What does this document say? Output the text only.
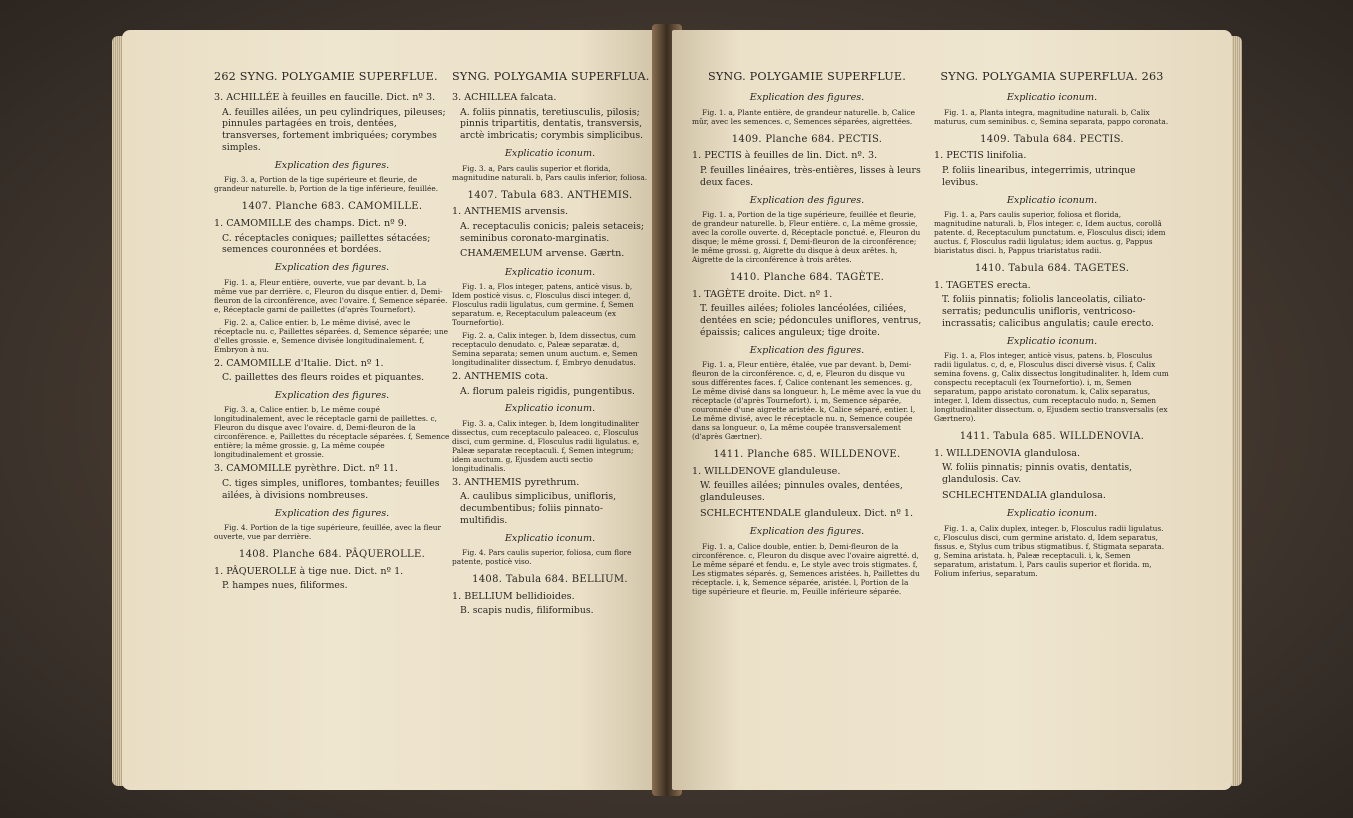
262 SYNG. POLYGAMIE SUPERFLUE.
3. ACHILLÉE à feuilles en faucille. Dict. nº 3.
A. feuilles ailées, un peu cylindriques, pileuses; pinnules partagées en trois, dentées, transverses, fortement imbriquées; corymbes simples.
Explication des figures.
Fig. 3. a, Portion de la tige supérieure et fleurie, de grandeur naturelle. b, Portion de la tige inférieure, feuillée.
1407. Planche 683. CAMOMILLE.
1. CAMOMILLE des champs. Dict. nº 9.
C. réceptacles coniques; paillettes sétacées; semences couronnées et bordées.
Explication des figures.
Fig. 1. a, Fleur entière, ouverte, vue par devant. b, La même vue par derrière. c, Fleuron du disque entier. d, Demi-fleuron de la circonférence, avec l'ovaire. f, Semence séparée. e, Réceptacle garni de paillettes (d'après Tournefort).
Fig. 2. a, Calice entier. b, Le même divisé, avec le réceptacle nu. c, Paillettes séparées. d, Semence séparée; une d'elles grossie. e, Semence divisée longitudinalement. f, Embryon à nu.
2. CAMOMILLE d'Italie. Dict. nº 1.
C. paillettes des fleurs roides et piquantes.
Explication des figures.
Fig. 3. a, Calice entier. b, Le même coupé longitudinalement, avec le réceptacle garni de paillettes. c, Fleuron du disque avec l'ovaire. d, Demi-fleuron de la circonférence. e, Paillettes du réceptacle séparées. f, Semence entière; la même grossie. g, La même coupée longitudinalement et grossie.
3. CAMOMILLE pyrèthre. Dict. nº 11.
C. tiges simples, uniflores, tombantes; feuilles ailées, à divisions nombreuses.
Explication des figures.
Fig. 4. Portion de la tige supérieure, feuillée, avec la fleur ouverte, vue par derrière.
1408. Planche 684. PÂQUEROLLE.
1. PÂQUEROLLE à tige nue. Dict. nº 1.
P. hampes nues, filiformes.
SYNG. POLYGAMIA SUPERFLUA.
3. ACHILLEA falcata.
A. foliis pinnatis, teretiusculis, pilosis; pinnis tripartitis, dentatis, transversis, arctè imbricatis; corymbis simplicibus.
Explicatio iconum.
Fig. 3. a, Pars caulis superior et florida, magnitudine naturali. b, Pars caulis inferior, foliosa.
1407. Tabula 683. ANTHEMIS.
1. ANTHEMIS arvensis.
A. receptaculis conicis; paleis setaceis; seminibus coronato-marginatis.
CHAMÆMELUM arvense. Gærtn.
Explicatio iconum.
Fig. 1. a, Flos integer, patens, anticè visus. b, Idem posticè visus. c, Flosculus disci integer. d, Flosculus radii ligulatus, cum germine. f, Semen separatum. e, Receptaculum paleaceum (ex Tournefortio).
Fig. 2. a, Calix integer. b, Idem dissectus, cum receptaculo denudato. c, Paleæ separatæ. d, Semina separata; semen unum auctum. e, Semen longitudinaliter dissectum. f, Embryo denudatus.
2. ANTHEMIS cota.
A. florum paleis rigidis, pungentibus.
Explicatio iconum.
Fig. 3. a, Calix integer. b, Idem longitudinaliter dissectus, cum receptaculo paleaceo. c, Flosculus disci, cum germine. d, Flosculus radii ligulatus. e, Paleæ separatæ receptaculi. f, Semen integrum; idem auctum. g, Ejusdem aucti sectio longitudinalis.
3. ANTHEMIS pyrethrum.
A. caulibus simplicibus, unifloris, decumbentibus; foliis pinnato-multifidis.
Explicatio iconum.
Fig. 4. Pars caulis superior, foliosa, cum flore patente, posticè viso.
1408. Tabula 684. BELLIUM.
1. BELLIUM bellidioides.
B. scapis nudis, filiformibus.
SYNG. POLYGAMIE SUPERFLUE.
Explication des figures.
Fig. 1. a, Plante entière, de grandeur naturelle. b, Calice mûr, avec les semences. c, Semences séparées, aigrettées.
1409. Planche 684. PECTIS.
1. PECTIS à feuilles de lin. Dict. nº. 3.
P. feuilles linéaires, très-entières, lisses à leurs deux faces.
Explication des figures.
Fig. 1. a, Portion de la tige supérieure, feuillée et fleurie, de grandeur naturelle. b, Fleur entière. c, La même grossie, avec la corolle ouverte. d, Réceptacle ponctué. e, Fleuron du disque; le même grossi. f, Demi-fleuron de la circonférence; le même grossi. g, Aigrette du disque à deux arêtes. h, Aigrette de la circonférence à trois arêtes.
1410. Planche 684. TAGÈTE.
1. TAGÈTE droite. Dict. nº 1.
T. feuilles ailées; folioles lancéolées, ciliées, dentées en scie; pédoncules uniflores, ventrus, épaissis; calices anguleux; tige droite.
Explication des figures.
Fig. 1. a, Fleur entière, étalée, vue par devant. b, Demi-fleuron de la circonférence. c, d, e, Fleuron du disque vu sous différentes faces. f, Calice contenant les semences. g, Le même divisé dans sa longueur. h, Le même avec la vue du réceptacle (d'après Tournefort). i, m, Semence séparée, couronnée d'une aigrette aristée. k, Calice séparé, entier. l, Le même divisé, avec le réceptacle nu. n, Semence coupée dans sa longueur. o, La même coupée transversalement (d'après Gærtner).
1411. Planche 685. WILLDENOVE.
1. WILLDENOVE glanduleuse.
W. feuilles ailées; pinnules ovales, dentées, glanduleuses.
SCHLECHTENDALE glanduleux. Dict. nº 1.
Explication des figures.
Fig. 1. a, Calice double, entier. b, Demi-fleuron de la circonférence. c, Fleuron du disque avec l'ovaire aigretté. d, Le même séparé et fendu. e, Le style avec trois stigmates. f, Les stigmates séparés. g, Semences aristées. h, Paillettes du réceptacle. i, k, Semence séparée, aristée. l, Portion de la tige supérieure et fleurie. m, Feuille inférieure séparée.
SYNG. POLYGAMIA SUPERFLUA. 263
Explicatio iconum.
Fig. 1. a, Planta integra, magnitudine naturali. b, Calix maturus, cum seminibus. c, Semina separata, pappo coronata.
1409. Tabula 684. PECTIS.
1. PECTIS linifolia.
P. foliis linearibus, integerrimis, utrinque levibus.
Explicatio iconum.
Fig. 1. a, Pars caulis superior, foliosa et florida, magnitudine naturali. b, Flos integer. c, Idem auctus, corollâ patente. d, Receptaculum punctatum. e, Flosculus disci; idem auctus. f, Flosculus radii ligulatus; idem auctus. g, Pappus biaristatus disci. h, Pappus triaristatus radii.
1410. Tabula 684. TAGETES.
1. TAGETES erecta.
T. foliis pinnatis; foliolis lanceolatis, ciliato-serratis; pedunculis unifloris, ventricoso-incrassatis; calicibus angulatis; caule erecto.
Explicatio iconum.
Fig. 1. a, Flos integer, anticè visus, patens. b, Flosculus radii ligulatus. c, d, e, Flosculus disci diversè visus. f, Calix semina fovens. g, Calix dissectus longitudinaliter. h, Idem cum conspectu receptaculi (ex Tournefortio). i, m, Semen separatum, pappo aristato coronatum. k, Calix separatus, integer. l, Idem dissectus, cum receptaculo nudo. n, Semen longitudinaliter dissectum. o, Ejusdem sectio transversalis (ex Gærtnero).
1411. Tabula 685. WILLDENOVIA.
1. WILLDENOVIA glandulosa.
W. foliis pinnatis; pinnis ovatis, dentatis, glandulosis. Cav.
SCHLECHTENDALIA glandulosa.
Explicatio iconum.
Fig. 1. a, Calix duplex, integer. b, Flosculus radii ligulatus. c, Flosculus disci, cum germine aristato. d, Idem separatus, fissus. e, Stylus cum tribus stigmatibus. f, Stigmata separata. g, Semina aristata. h, Paleæ receptaculi. i, k, Semen separatum, aristatum. l, Pars caulis superior et florida. m, Folium inferius, separatum.
